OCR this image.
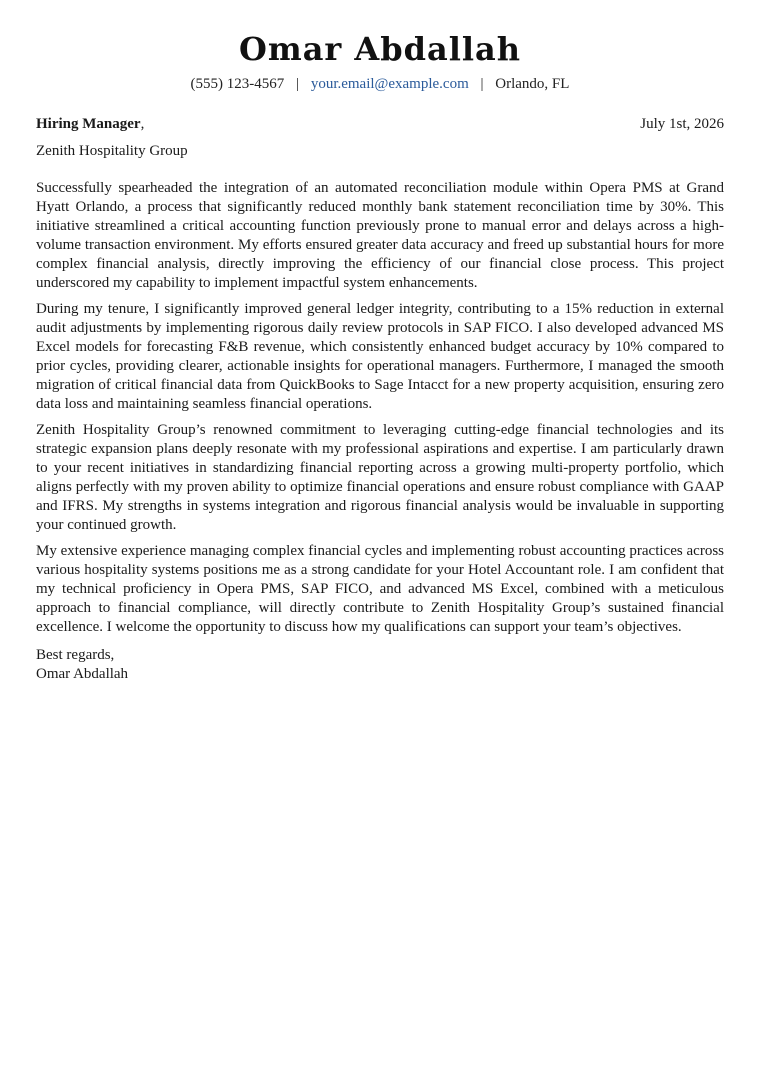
Omar Abdallah
(555) 123-4567 | your.email@example.com | Orlando, FL
Hiring Manager,	July 1st, 2026
Zenith Hospitality Group

Successfully spearheaded the integration of an automated reconciliation module within Opera PMS at Grand Hyatt Orlando, a process that significantly reduced monthly bank statement reconciliation time by 30%. This initiative streamlined a critical accounting function previously prone to manual error and delays across a high-volume transaction environment. My efforts ensured greater data accuracy and freed up substantial hours for more complex financial analysis, directly improving the efficiency of our financial close process. This project underscored my capability to implement impactful system enhancements.

During my tenure, I significantly improved general ledger integrity, contributing to a 15% reduction in external audit adjustments by implementing rigorous daily review protocols in SAP FICO. I also developed advanced MS Excel models for forecasting F&B revenue, which consistently enhanced budget accuracy by 10% compared to prior cycles, providing clearer, actionable insights for operational managers. Furthermore, I managed the smooth migration of critical financial data from QuickBooks to Sage Intacct for a new property acquisition, ensuring zero data loss and maintaining seamless financial operations.

Zenith Hospitality Group’s renowned commitment to leveraging cutting-edge financial technologies and its strategic expansion plans deeply resonate with my professional aspirations and expertise. I am particularly drawn to your recent initiatives in standardizing financial reporting across a growing multi-property portfolio, which aligns perfectly with my proven ability to optimize financial operations and ensure robust compliance with GAAP and IFRS. My strengths in systems integration and rigorous financial analysis would be invaluable in supporting your continued growth.

My extensive experience managing complex financial cycles and implementing robust accounting practices across various hospitality systems positions me as a strong candidate for your Hotel Accountant role. I am confident that my technical proficiency in Opera PMS, SAP FICO, and advanced MS Excel, combined with a meticulous approach to financial compliance, will directly contribute to Zenith Hospitality Group’s sustained financial excellence. I welcome the opportunity to discuss how my qualifications can support your team’s objectives.

Best regards,
Omar Abdallah
